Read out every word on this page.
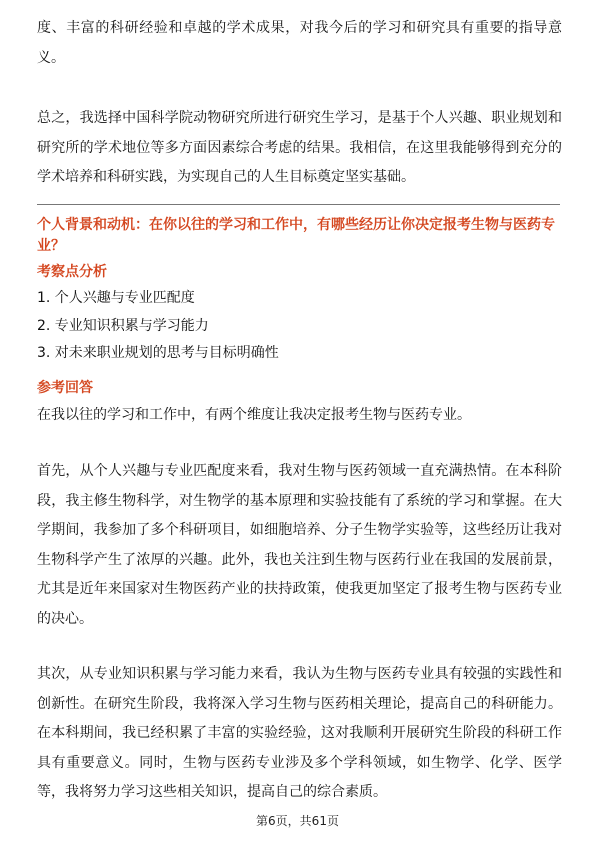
度、丰富的科研经验和卓越的学术成果，对我今后的学习和研究具有重要的指导意义。

总之，我选择中国科学院动物研究所进行研究生学习，是基于个人兴趣、职业规划和研究所的学术地位等多方面因素综合考虑的结果。我相信，在这里我能够得到充分的学术培养和科研实践，为实现自己的人生目标奠定坚实基础。

个人背景和动机：在你以往的学习和工作中，有哪些经历让你决定报考生物与医药专业？

考察点分析

1. 个人兴趣与专业匹配度

2. 专业知识积累与学习能力

3. 对未来职业规划的思考与目标明确性

参考回答

在我以往的学习和工作中，有两个维度让我决定报考生物与医药专业。

首先，从个人兴趣与专业匹配度来看，我对生物与医药领域一直充满热情。在本科阶段，我主修生物科学，对生物学的基本原理和实验技能有了系统的学习和掌握。在大学期间，我参加了多个科研项目，如细胞培养、分子生物学实验等，这些经历让我对生物科学产生了浓厚的兴趣。此外，我也关注到生物与医药行业在我国的发展前景，尤其是近年来国家对生物医药产业的扶持政策，使我更加坚定了报考生物与医药专业的决心。

其次，从专业知识积累与学习能力来看，我认为生物与医药专业具有较强的实践性和创新性。在研究生阶段，我将深入学习生物与医药相关理论，提高自己的科研能力。在本科期间，我已经积累了丰富的实验经验，这对我顺利开展研究生阶段的科研工作具有重要意义。同时，生物与医药专业涉及多个学科领域，如生物学、化学、医学等，我将努力学习这些相关知识，提高自己的综合素质。

第6页，共61页
